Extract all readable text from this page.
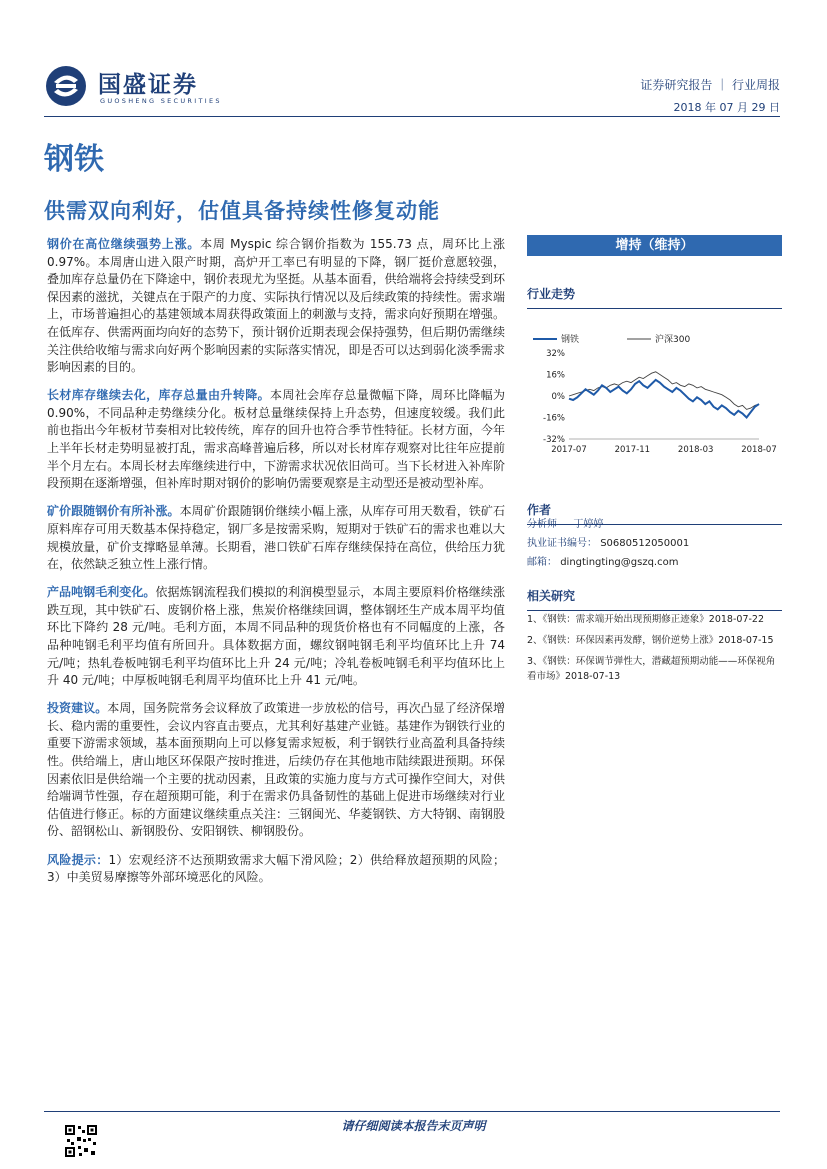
国盛证券
GUOSHENG SECURITIES
证券研究报告 ｜ 行业周报
2018 年 07 月 29 日
钢铁
供需双向利好，估值具备持续性修复动能

钢价在高位继续强势上涨。本周 Myspic 综合钢价指数为 155.73 点，周环比上涨 0.97%。本周唐山进入限产时期，高炉开工率已有明显的下降，钢厂挺价意愿较强，叠加库存总量仍在下降途中，钢价表现尤为坚挺。从基本面看，供给端将会持续受到环保因素的滋扰，关键点在于限产的力度、实际执行情况以及后续政策的持续性。需求端上，市场普遍担心的基建领域本周获得政策面上的刺激与支持，需求向好预期在增强。在低库存、供需两面均向好的态势下，预计钢价近期表现会保持强势，但后期仍需继续关注供给收缩与需求向好两个影响因素的实际落实情况，即是否可以达到弱化淡季需求影响因素的目的。

长材库存继续去化，库存总量由升转降。本周社会库存总量微幅下降，周环比降幅为 0.90%，不同品种走势继续分化。板材总量继续保持上升态势，但速度较缓。我们此前也指出今年板材节奏相对比较传统，库存的回升也符合季节性特征。长材方面，今年上半年长材走势明显被打乱，需求高峰普遍后移，所以对长材库存观察对比往年应提前半个月左右。本周长材去库继续进行中，下游需求状况依旧尚可。当下长材进入补库阶段预期在逐渐增强，但补库时期对钢价的影响仍需要观察是主动型还是被动型补库。

矿价跟随钢价有所补涨。本周矿价跟随钢价继续小幅上涨，从库存可用天数看，铁矿石原料库存可用天数基本保持稳定，钢厂多是按需采购，短期对于铁矿石的需求也难以大规模放量，矿价支撑略显单薄。长期看，港口铁矿石库存继续保持在高位，供给压力犹在，依然缺乏独立性上涨行情。

产品吨钢毛利变化。依据炼钢流程我们模拟的利润模型显示，本周主要原料价格继续涨跌互现，其中铁矿石、废钢价格上涨，焦炭价格继续回调，整体钢坯生产成本周平均值环比下降约 28 元/吨。毛利方面，本周不同品种的现货价格也有不同幅度的上涨，各品种吨钢毛利平均值有所回升。具体数据方面，螺纹钢吨钢毛利平均值环比上升 74 元/吨；热轧卷板吨钢毛利平均值环比上升 24 元/吨；冷轧卷板吨钢毛利平均值环比上升 40 元/吨；中厚板吨钢毛利周平均值环比上升 41 元/吨。

投资建议。本周，国务院常务会议释放了政策进一步放松的信号，再次凸显了经济保增长、稳内需的重要性，会议内容直击要点，尤其利好基建产业链。基建作为钢铁行业的重要下游需求领域，基本面预期向上可以修复需求短板，利于钢铁行业高盈利具备持续性。供给端上，唐山地区环保限产按时推进，后续仍存在其他地市陆续跟进预期。环保因素依旧是供给端一个主要的扰动因素，且政策的实施力度与方式可操作空间大，对供给端调节性强，存在超预期可能，利于在需求仍具备韧性的基础上促进市场继续对行业估值进行修正。标的方面建议继续重点关注：三钢闽光、华菱钢铁、方大特钢、南钢股份、韶钢松山、新钢股份、安阳钢铁、柳钢股份。

风险提示：1）宏观经济不达预期致需求大幅下滑风险；2）供给释放超预期的风险；3）中美贸易摩擦等外部环境恶化的风险。

增持（维持）
行业走势
钢铁	沪深300
32%
16%
0%
-16%
-32%
2017-07	2017-11	2018-03	2018-07
作者
分析师 丁婷婷
执业证书编号： S0680512050001
邮箱： dingtingting@gszq.com
相关研究
1、《钢铁：需求端开始出现预期修正迹象》2018-07-22
2、《钢铁：环保因素再发酵，钢价逆势上涨》2018-07-15
3、《钢铁：环保调节弹性大，潜藏超预期动能——环保视角看市场》2018-07-13
请仔细阅读本报告末页声明
